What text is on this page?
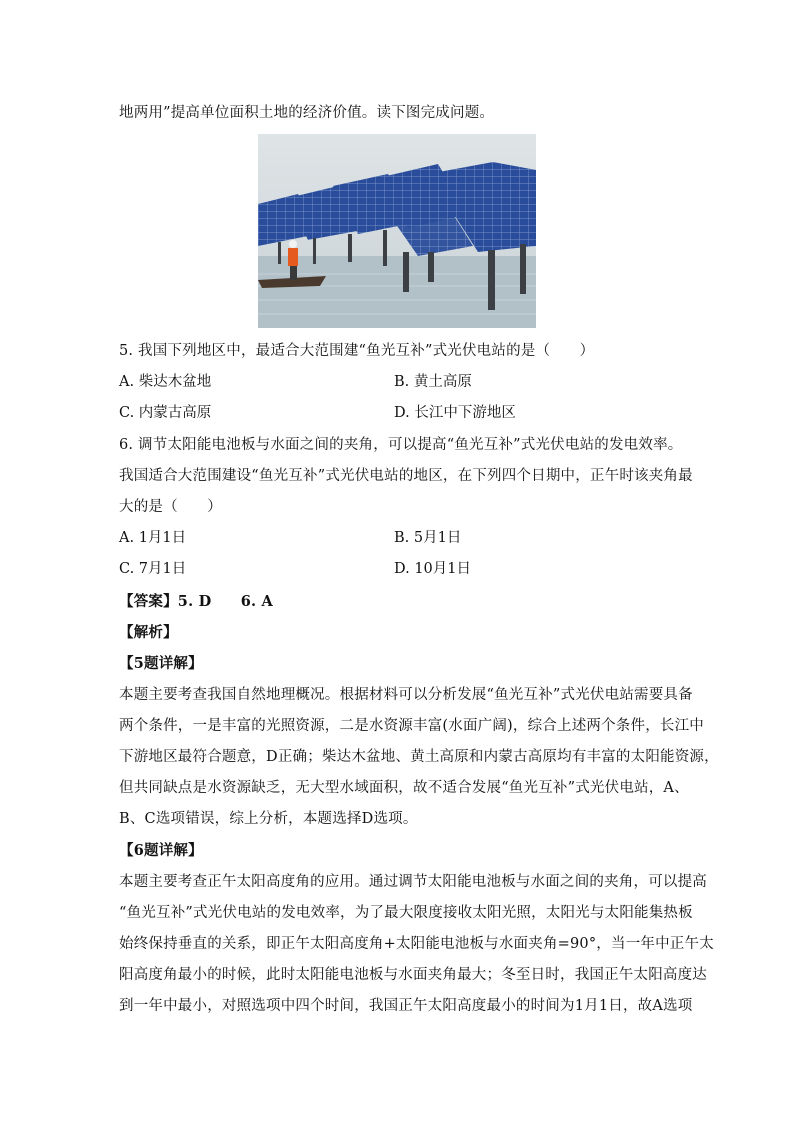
地两用”提高单位面积土地的经济价值。读下图完成问题。
5. 我国下列地区中，最适合大范围建“鱼光互补”式光伏电站的是（　　）
A. 柴达木盆地	B. 黄土高原
C. 内蒙古高原	D. 长江中下游地区
6. 调节太阳能电池板与水面之间的夹角，可以提高“鱼光互补”式光伏电站的发电效率。
我国适合大范围建设“鱼光互补”式光伏电站的地区，在下列四个日期中，正午时该夹角最
大的是（　　）
A. 1月1日	B. 5月1日
C. 7月1日	D. 10月1日
【答案】5. D　　6. A
【解析】
【5题详解】
本题主要考查我国自然地理概况。根据材料可以分析发展“鱼光互补”式光伏电站需要具备
两个条件，一是丰富的光照资源，二是水资源丰富(水面广阔)，综合上述两个条件，长江中
下游地区最符合题意，D正确；柴达木盆地、黄土高原和内蒙古高原均有丰富的太阳能资源，
但共同缺点是水资源缺乏，无大型水域面积，故不适合发展“鱼光互补”式光伏电站，A、
B、C选项错误，综上分析，本题选择D选项。
【6题详解】
本题主要考查正午太阳高度角的应用。通过调节太阳能电池板与水面之间的夹角，可以提高
“鱼光互补”式光伏电站的发电效率，为了最大限度接收太阳光照，太阳光与太阳能集热板
始终保持垂直的关系，即正午太阳高度角+太阳能电池板与水面夹角=90°，当一年中正午太
阳高度角最小的时候，此时太阳能电池板与水面夹角最大；冬至日时，我国正午太阳高度达
到一年中最小，对照选项中四个时间，我国正午太阳高度最小的时间为1月1日，故A选项
